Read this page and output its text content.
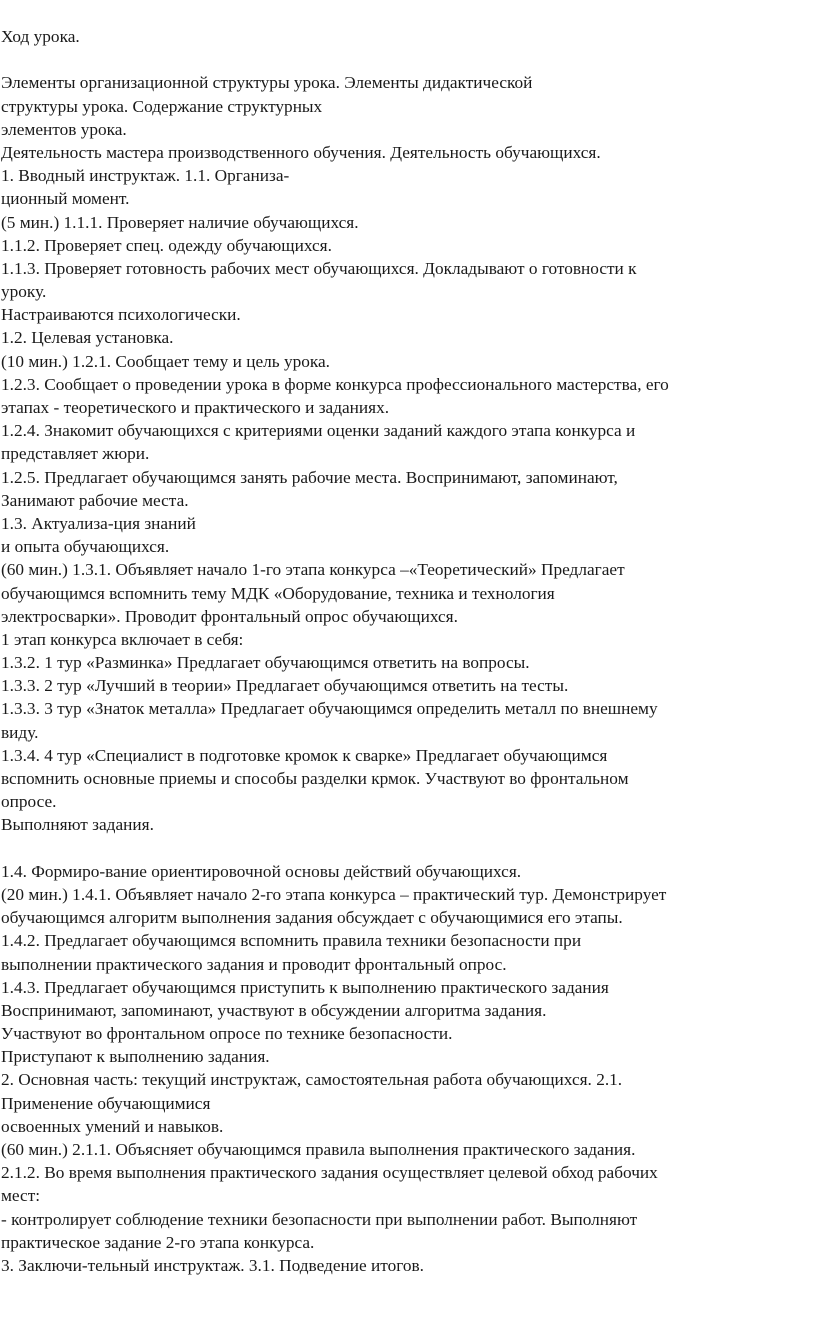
Ход урока.
Элементы организационной структуры урока. Элементы дидактической
структуры урока. Содержание структурных
элементов урока.
Деятельность мастера производственного обучения. Деятельность обучающихся.
1. Вводный инструктаж. 1.1. Организа-
ционный момент.
(5 мин.) 1.1.1. Проверяет наличие обучающихся.
1.1.2. Проверяет спец. одежду обучающихся.
1.1.3. Проверяет готовность рабочих мест обучающихся. Докладывают о готовности к
уроку.
Настраиваются психологически.
1.2. Целевая установка.
(10 мин.) 1.2.1. Сообщает тему и цель урока.
1.2.3. Сообщает о проведении урока в форме конкурса профессионального мастерства, его
этапах - теоретического и практического и заданиях.
1.2.4. Знакомит обучающихся с критериями оценки заданий каждого этапа конкурса и
представляет жюри.
1.2.5. Предлагает обучающимся занять рабочие места. Воспринимают, запоминают,
Занимают рабочие места.
1.3. Актуализа-ция знаний
и опыта обучающихся.
(60 мин.) 1.3.1. Объявляет начало 1-го этапа конкурса –«Теоретический» Предлагает
обучающимся вспомнить тему МДК «Оборудование, техника и технология
электросварки». Проводит фронтальный опрос обучающихся.
1 этап конкурса включает в себя:
1.3.2. 1 тур «Разминка» Предлагает обучающимся ответить на вопросы.
1.3.3. 2 тур «Лучший в теории» Предлагает обучающимся ответить на тесты.
1.3.3. 3 тур «Знаток металла» Предлагает обучающимся определить металл по внешнему
виду.
1.3.4. 4 тур «Специалист в подготовке кромок к сварке» Предлагает обучающимся
вспомнить основные приемы и способы разделки крмок. Участвуют во фронтальном
опросе.
Выполняют задания.
1.4. Формиро-вание ориентировочной основы действий обучающихся.
(20 мин.) 1.4.1. Объявляет начало 2-го этапа конкурса – практический тур. Демонстрирует
обучающимся алгоритм выполнения задания обсуждает с обучающимися его этапы.
1.4.2. Предлагает обучающимся вспомнить правила техники безопасности при
выполнении практического задания и проводит фронтальный опрос.
1.4.3. Предлагает обучающимся приступить к выполнению практического задания
Воспринимают, запоминают, участвуют в обсуждении алгоритма задания.
Участвуют во фронтальном опросе по технике безопасности.
Приступают к выполнению задания.
2. Основная часть: текущий инструктаж, самостоятельная работа обучающихся. 2.1.
Применение обучающимися
освоенных умений и навыков.
(60 мин.) 2.1.1. Объясняет обучающимся правила выполнения практического задания.
2.1.2. Во время выполнения практического задания осуществляет целевой обход рабочих
мест:
- контролирует соблюдение техники безопасности при выполнении работ. Выполняют
практическое задание 2-го этапа конкурса.
3. Заключи-тельный инструктаж. 3.1. Подведение итогов.
